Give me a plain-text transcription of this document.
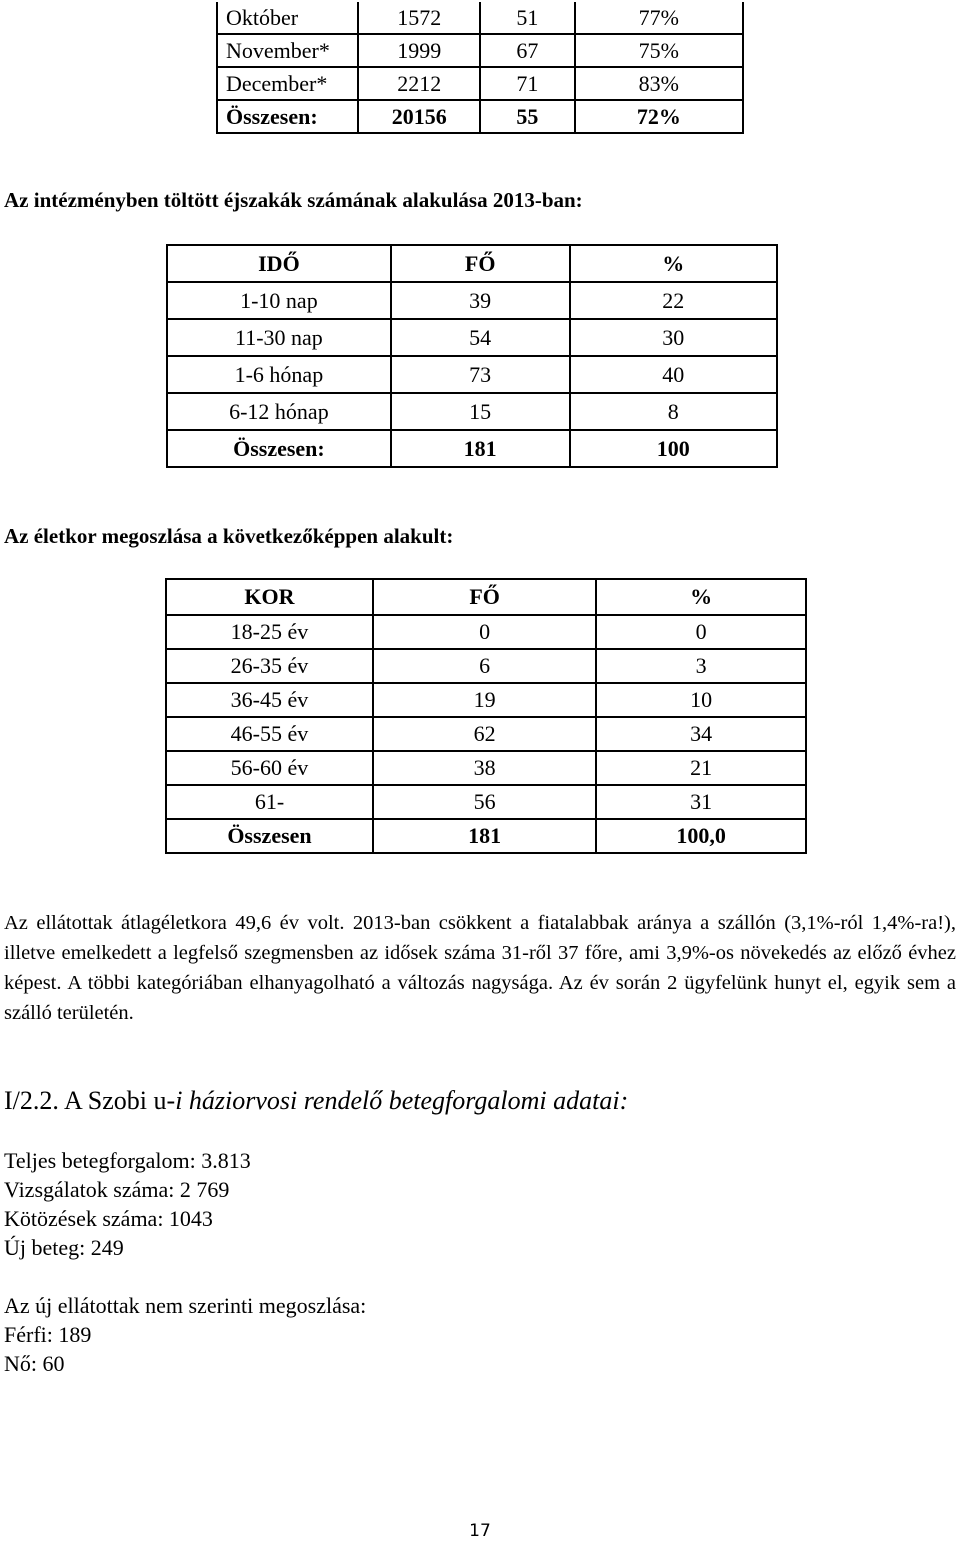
Október	1572	51	77%
November*	1999	67	75%
December*	2212	71	83%
Összesen:	20156	55	72%
Az intézményben töltött éjszakák számának alakulása 2013-ban:
IDŐ	FŐ	%
1-10 nap	39	22
11-30 nap	54	30
1-6 hónap	73	40
6-12 hónap	15	8
Összesen:	181	100
Az életkor megoszlása a következőképpen alakult:
KOR	FŐ	%
18-25 év	0	0
26-35 év	6	3
36-45 év	19	10
46-55 év	62	34
56-60 év	38	21
61-	56	31
Összesen	181	100,0
Az ellátottak átlagéletkora 49,6 év volt. 2013-ban csökkent a fiatalabbak aránya a szállón (3,1%-ról 1,4%-ra!), illetve emelkedett a legfelső szegmensben az idősek száma 31-ről 37 főre, ami 3,9%-os növekedés az előző évhez képest. A többi kategóriában elhanyagolható a változás nagysága. Az év során 2 ügyfelünk hunyt el, egyik sem a szálló területén.
I/2.2. A Szobi u-i háziorvosi rendelő betegforgalomi adatai:
Teljes betegforgalom: 3.813
Vizsgálatok száma: 2 769
Kötözések száma: 1043
Új beteg: 249
Az új ellátottak nem szerinti megoszlása:
Férfi: 189
Nő: 60
17
